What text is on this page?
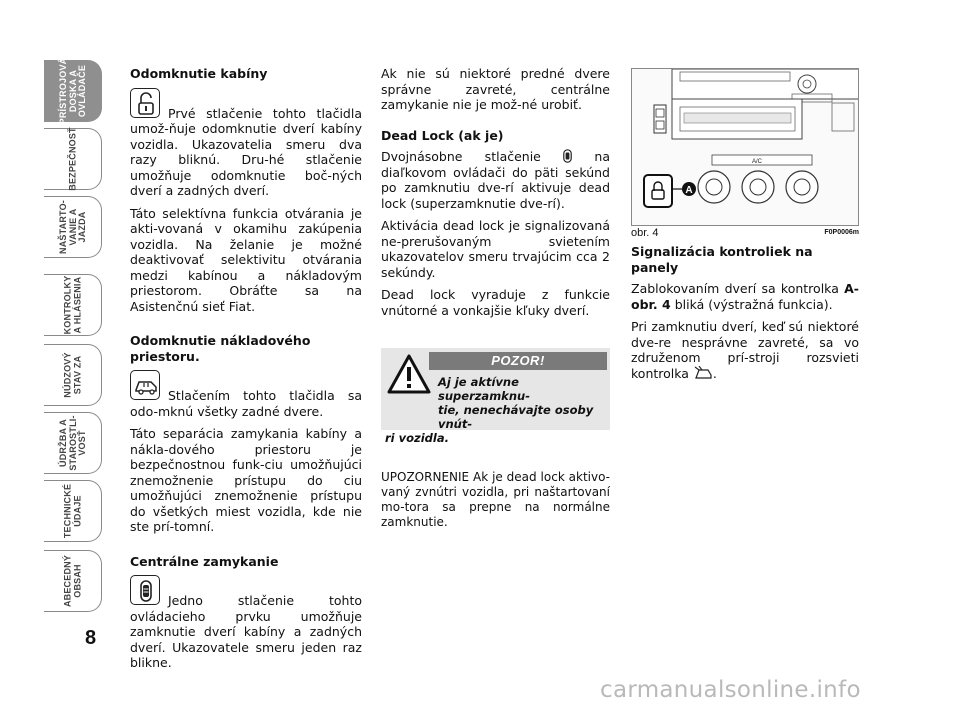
PRÍSTROJOVÁ
DOSKA A
OVLÁDAČE
BEZPEČNOSŤ
NAŠTARTO-
VANIE A
JAZDA
KONTROLKY
A HLÁSENIA
NÚDZOVÝ
STAV ZA
ÚDRŽBA A
STAROSTLI-
VOSŤ
TECHNICKÉ
ÚDAJE
ABECEDNÝ
OBSAH
8
Odomknutie kabíny
Prvé stlačenie tohto tlačidla umož-ňuje odomknutie dverí kabíny vozidla. Ukazovatelia smeru dva razy bliknú. Dru-hé stlačenie umožňuje odomknutie boč-ných dverí a zadných dverí.
Táto selektívna funkcia otvárania je akti-vovaná v okamihu zakúpenia vozidla. Na želanie je možné deaktivovať selektivitu otvárania medzi kabínou a nákladovým priestorom. Obráťte sa na Asistenčnú sieť Fiat.
Odomknutie nákladového priestoru.
Stlačením tohto tlačidla sa odo-mknú všetky zadné dvere.
Táto separácia zamykania kabíny a nákla-dového priestoru je bezpečnostnou funk-ciu umožňujúci znemožnenie prístupu do ciu umožňujúci znemožnenie prístupu do všetkých miest vozidla, kde nie ste prí-tomní.
Centrálne zamykanie
Jedno stlačenie tohto ovládacieho prvku umožňuje zamknutie dverí kabíny a zadných dverí. Ukazovatele smeru jeden raz blikne.
Ak nie sú niektoré predné dvere správne zavreté, centrálne zamykanie nie je mož-né urobiť.
Dead Lock (ak je)
Dvojnásobne stlačenie	na diaľkovom ovládači do päti sekúnd po zamknutiu dve-rí aktivuje dead lock (superzamknutie dve-rí).
Aktivácia dead lock je signalizovaná ne-prerušovaným svietením ukazovatelov smeru trvajúcim cca 2 sekúndy.
Dead lock vyraduje z funkcie vnútorné a vonkajšie kľuky dverí.
POZOR!
Aj je aktívne superzamknu-
tie, nenechávajte osoby vnút-
ri vozidla.
UPOZORNENIE Ak je dead lock aktivo-vaný zvnútri vozidla, pri naštartovaní mo-tora sa prepne na normálne zamknutie.
A/C
A
obr. 4	F0P0006m
Signalizácia kontroliek na panely
Zablokovaním dverí sa kontrolka A-obr. 4 bliká (výstražná funkcia).
Pri zamknutiu dverí, keď sú niektoré dve-re nesprávne zavreté, sa vo združenom prí-stroji rozsvieti kontrolka .
carmanualsonline.info
